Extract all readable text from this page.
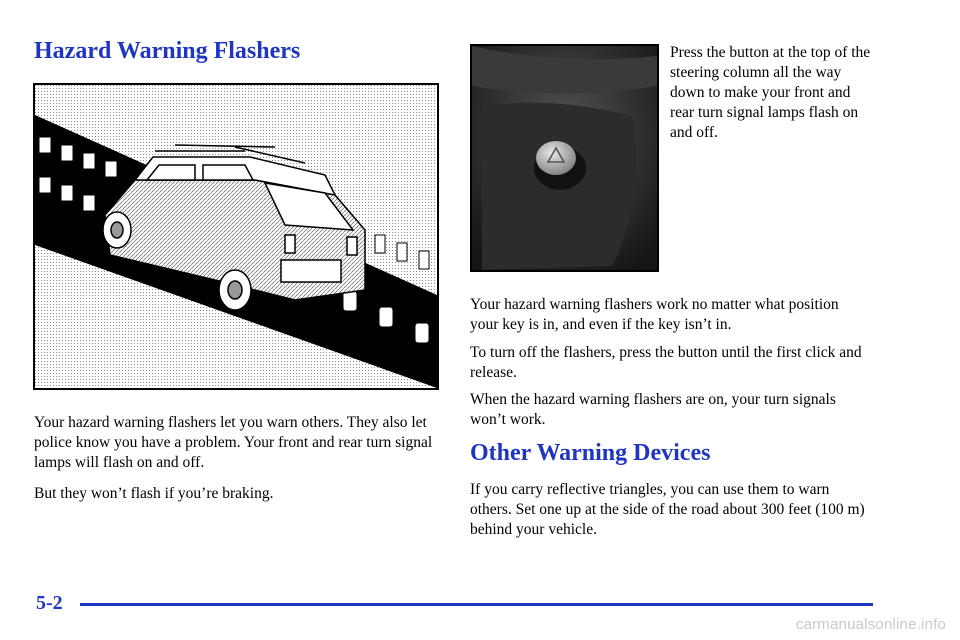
Hazard Warning Flashers	Press the button at the top of the steering column all the way down to make your front and rear turn signal lamps flash on and off.

Your hazard warning flashers let you warn others. They also let police know you have a problem. Your front and rear turn signal lamps will flash on and off.

But they won’t flash if you’re braking.

Your hazard warning flashers work no matter what position your key is in, and even if the key isn’t in.

To turn off the flashers, press the button until the first click and release.

When the hazard warning flashers are on, your turn signals won’t work.

Other Warning Devices

If you carry reflective triangles, you can use them to warn others. Set one up at the side of the road about 300 feet (100 m) behind your vehicle.

5-2
carmanualsonline.info
